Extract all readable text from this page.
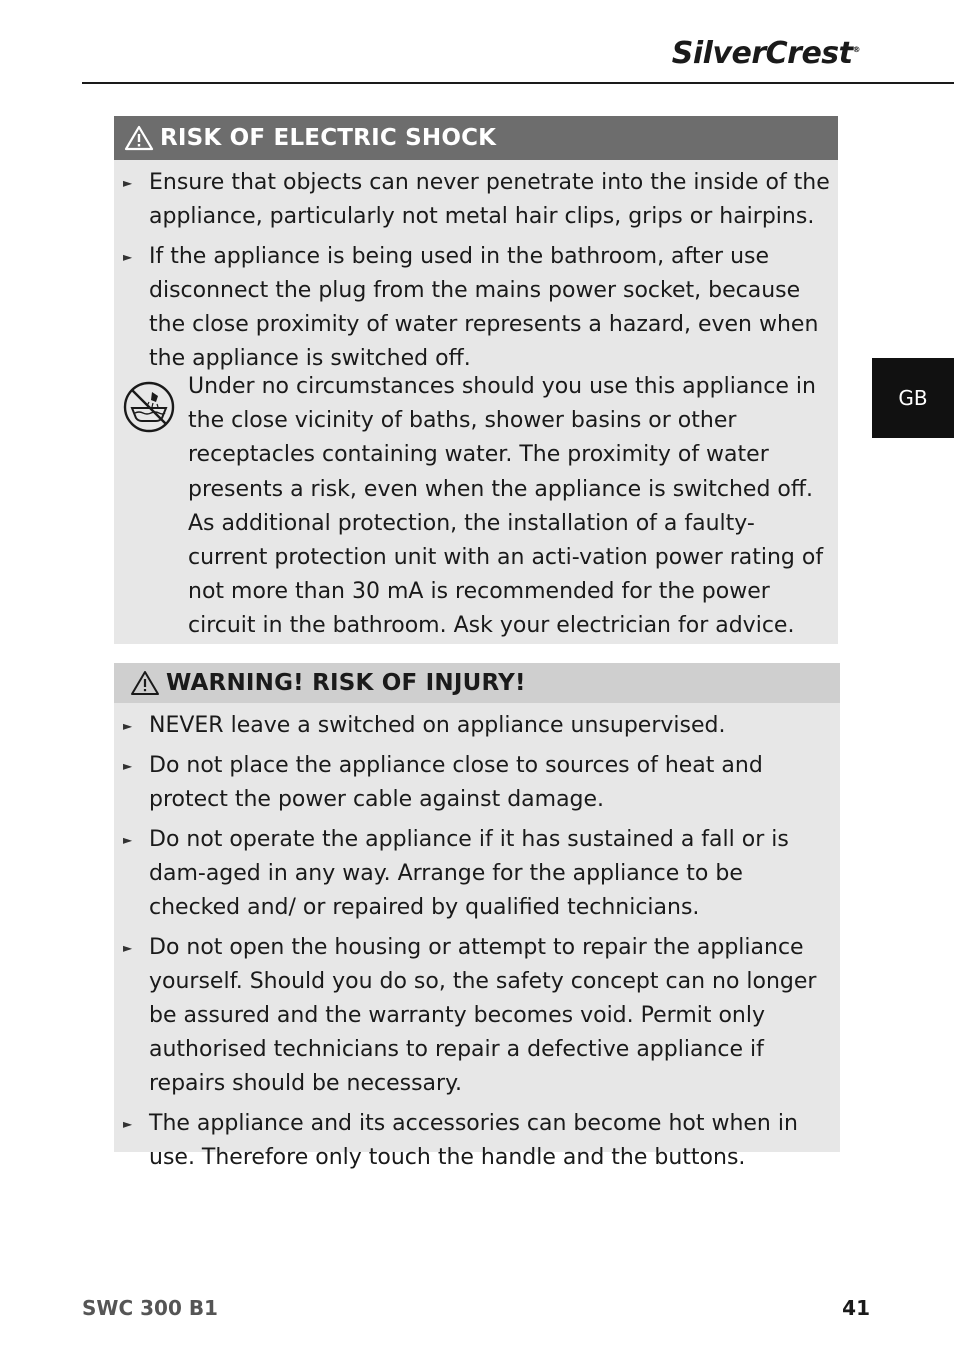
SilverCrest®
GB
RISK OF ELECTRIC SHOCK
► Ensure that objects can never penetrate into the inside of the appliance, particularly not metal hair clips, grips or hairpins.
► If the appliance is being used in the bathroom, after use disconnect the plug from the mains power socket, because the close proximity of water represents a hazard, even when the appliance is switched off.
Under no circumstances should you use this appliance in the close vicinity of baths, shower basins or other receptacles containing water. The proximity of water presents a risk, even when the appliance is switched off. As additional protection, the installation of a faulty-current protection unit with an acti-vation power rating of not more than 30 mA is recommended for the power circuit in the bathroom. Ask your electrician for advice.
WARNING! RISK OF INJURY!
► NEVER leave a switched on appliance unsupervised.
► Do not place the appliance close to sources of heat and protect the power cable against damage.
► Do not operate the appliance if it has sustained a fall or is dam-aged in any way. Arrange for the appliance to be checked and/ or repaired by qualified technicians.
► Do not open the housing or attempt to repair the appliance yourself. Should you do so, the safety concept can no longer be assured and the warranty becomes void. Permit only authorised technicians to repair a defective appliance if repairs should be necessary.
► The appliance and its accessories can become hot when in use. Therefore only touch the handle and the buttons.
SWC 300 B1	41
